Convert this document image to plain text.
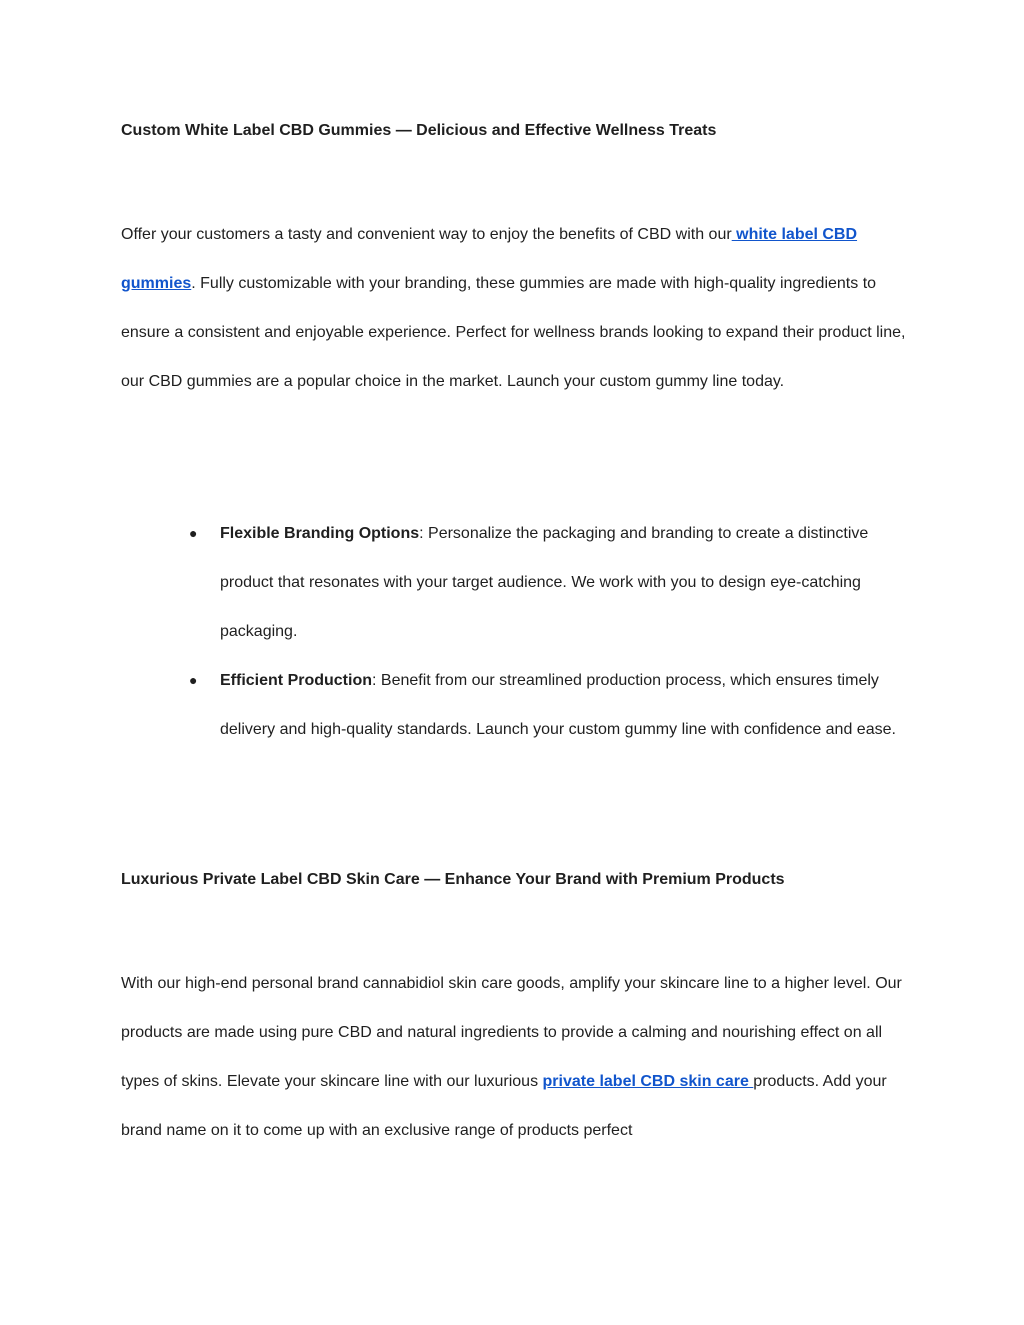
Custom White Label CBD Gummies — Delicious and Effective Wellness Treats
Offer your customers a tasty and convenient way to enjoy the benefits of CBD with our white label CBD gummies. Fully customizable with your branding, these gummies are made with high-quality ingredients to ensure a consistent and enjoyable experience. Perfect for wellness brands looking to expand their product line, our CBD gummies are a popular choice in the market. Launch your custom gummy line today.
● Flexible Branding Options: Personalize the packaging and branding to create a distinctive product that resonates with your target audience. We work with you to design eye-catching packaging.
● Efficient Production: Benefit from our streamlined production process, which ensures timely delivery and high-quality standards. Launch your custom gummy line with confidence and ease.
Luxurious Private Label CBD Skin Care — Enhance Your Brand with Premium Products
With our high-end personal brand cannabidiol skin care goods, amplify your skincare line to a higher level. Our products are made using pure CBD and natural ingredients to provide a calming and nourishing effect on all types of skins. Elevate your skincare line with our luxurious private label CBD skin care products. Add your brand name on it to come up with an exclusive range of products perfect
